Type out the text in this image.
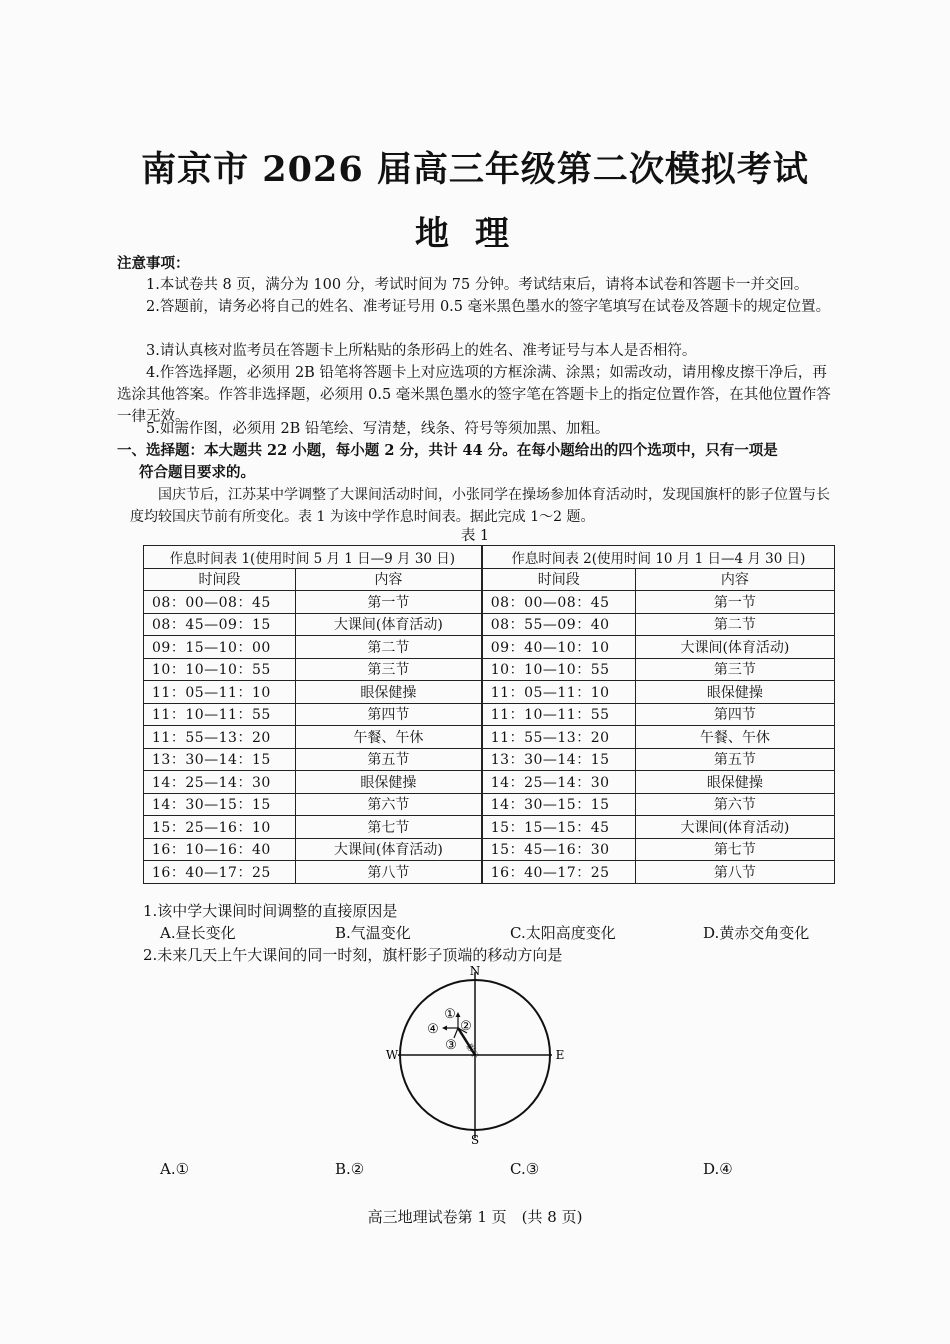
南京市 2026 届高三年级第二次模拟考试
地理
注意事项：
1.本试卷共 8 页，满分为 100 分，考试时间为 75 分钟。考试结束后，请将本试卷和答题卡一并交回。
2.答题前，请务必将自己的姓名、准考证号用 0.5 毫米黑色墨水的签字笔填写在试卷及答题卡的规定位置。
3.请认真核对监考员在答题卡上所粘贴的条形码上的姓名、准考证号与本人是否相符。
4.作答选择题，必须用 2B 铅笔将答题卡上对应选项的方框涂满、涂黑；如需改动，请用橡皮擦干净后，再选涂其他答案。作答非选择题，必须用 0.5 毫米黑色墨水的签字笔在答题卡上的指定位置作答，在其他位置作答一律无效。
5.如需作图，必须用 2B 铅笔绘、写清楚，线条、符号等须加黑、加粗。
一、选择题：本大题共 22 小题，每小题 2 分，共计 44 分。在每小题给出的四个选项中，只有一项是
符合题目要求的。
国庆节后，江苏某中学调整了大课间活动时间，小张同学在操场参加体育活动时，发现国旗杆的影子位置与长度均较国庆节前有所变化。表 1 为该中学作息时间表。据此完成 1～2 题。
表 1
作息时间表 1(使用时间 5 月 1 日—9 月 30 日)		作息时间表 2(使用时间 10 月 1 日—4 月 30 日)	
时间段	内容	时间段	内容
08：00—08：45	第一节	08：00—08：45	第一节
08：45—09：15	大课间(体育活动)	08：55—09：40	第二节
09：15—10：00	第二节	09：40—10：10	大课间(体育活动)
10：10—10：55	第三节	10：10—10：55	第三节
11：05—11：10	眼保健操	11：05—11：10	眼保健操
11：10—11：55	第四节	11：10—11：55	第四节
11：55—13：20	午餐、午休	11：55—13：20	午餐、午休
13：30—14：15	第五节	13：30—14：15	第五节
14：25—14：30	眼保健操	14：25—14：30	眼保健操
14：30—15：15	第六节	14：30—15：15	第六节
15：25—16：10	第七节	15：15—15：45	大课间(体育活动)
16：10—16：40	大课间(体育活动)	15：45—16：30	第七节
16：40—17：25	第八节	16：40—17：25	第八节
1.该中学大课间时间调整的直接原因是
A.昼长变化	B.气温变化	C.太阳高度变化	D.黄赤交角变化
2.未来几天上午大课间的同一时刻，旗杆影子顶端的移动方向是
N
S
E
W	影子
①
④ ②
③
A.①	B.②	C.③	D.④
高三地理试卷第 1 页　(共 8 页)
